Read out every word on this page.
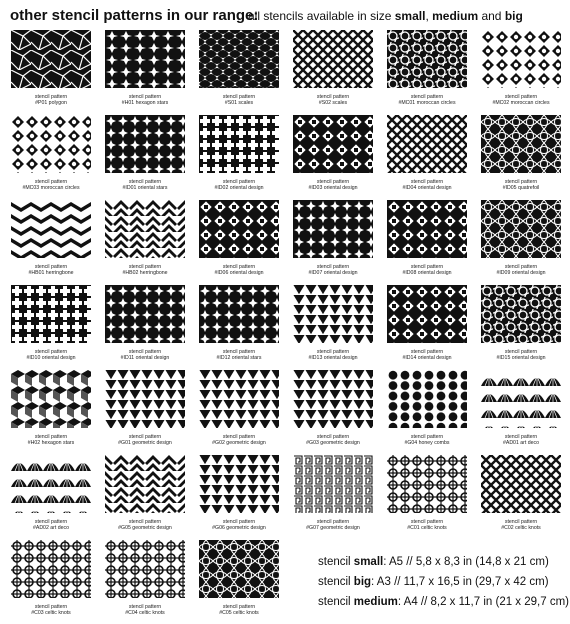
other stencil patterns in our range:
all stencils available in size small, medium and big
stencil pattern
#P01 polygon
stencil pattern
#H01 hexagon stars
stencil pattern
#S01 scales
stencil pattern
#S02 scales
stencil pattern
#MC01 moroccan circles
stencil pattern
#MC02 moroccan circles
stencil pattern
#MC03 moroccan circles
stencil pattern
#ID01 oriental stars
stencil pattern
#ID02 oriental design
stencil pattern
#ID03 oriental design
stencil pattern
#ID04 oriental design
stencil pattern
#ID05 quatrefoil
stencil pattern
#HB01 herringbone
stencil pattern
#HB02 herringbone
stencil pattern
#ID06 oriental design
stencil pattern
#ID07 oriental design
stencil pattern
#ID08 oriental design
stencil pattern
#ID09 oriental design
stencil pattern
#ID10 oriental design
stencil pattern
#ID11 oriental design
stencil pattern
#ID12 oriental stars
stencil pattern
#ID13 oriental design
stencil pattern
#ID14 oriental design
stencil pattern
#ID15 oriental design
stencil pattern
#H02 hexagon stars
stencil pattern
#G01 geometric design
stencil pattern
#G02 geometric design
stencil pattern
#G03 geometric design
stencil pattern
#G04 honey combs
stencil pattern
#AD01 art deco
stencil pattern
#AD02 art deco
stencil pattern
#G05 geometric design
stencil pattern
#G06 geometric design
stencil pattern
#G07 geometric design
stencil pattern
#C01 celtic knots
stencil pattern
#C02 celtic knots
stencil pattern
#C03 celtic knots
stencil pattern
#C04 celtic knots
stencil pattern
#C05 celtic knots
stencil small: A5 // 5,8 x 8,3 in (14,8 x 21 cm)
stencil big: A3 // 11,7 x 16,5 in (29,7 x 42 cm)
stencil medium: A4 // 8,2 x 11,7 in (21 x 29,7 cm)
